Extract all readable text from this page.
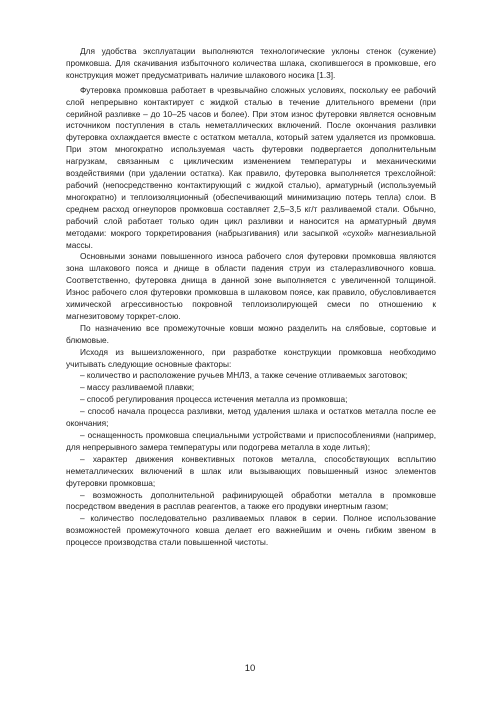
Для удобства эксплуатации выполняются технологические уклоны стенок (сужение) промковша. Для скачивания избыточного количества шлака, скопившегося в промковше, его конструкция может предусматривать наличие шлакового носика [1.3].

Футеровка промковша работает в чрезвычайно сложных условиях, поскольку ее рабочий слой непрерывно контактирует с жидкой сталью в течение длительного времени (при серийной разливке – до 10–25 часов и более). При этом износ футеровки является основным источником поступления в сталь неметаллических включений. После окончания разливки футеровка охлаждается вместе с остатком металла, который затем удаляется из промковша. При этом многократно используемая часть футеровки подвергается дополнительным нагрузкам, связанным с циклическим изменением температуры и механическими воздействиями (при удалении остатка). Как правило, футеровка выполняется трехслойной: рабочий (непосредственно контактирующий с жидкой сталью), арматурный (используемый многократно) и теплоизоляционный (обеспечивающий минимизацию потерь тепла) слои. В среднем расход огнеупоров промковша составляет 2,5–3,5 кг/т разливаемой стали. Обычно, рабочий слой работает только один цикл разливки и наносится на арматурный двумя методами: мокрого торкретирования (набрызгивания) или засыпкой «сухой» магнезиальной массы.

Основными зонами повышенного износа рабочего слоя футеровки промковша являются зона шлакового пояса и днище в области падения струи из сталеразливочного ковша. Соответственно, футеровка днища в данной зоне выполняется с увеличенной толщиной. Износ рабочего слоя футеровки промковша в шлаковом поясе, как правило, обусловливается химической агрессивностью покровной теплоизолирующей смеси по отношению к магнезитовому торкрет-слою.

По назначению все промежуточные ковши можно разделить на слябовые, сортовые и блюмовые.

Исходя из вышеизложенного, при разработке конструкции промковша необходимо учитывать следующие основные факторы:

– количество и расположение ручьев МНЛЗ, а также сечение отливаемых заготовок;

– массу разливаемой плавки;

– способ регулирования процесса истечения металла из промковша;

– способ начала процесса разливки, метод удаления шлака и остатков металла после ее окончания;

– оснащенность промковша специальными устройствами и приспособлениями (например, для непрерывного замера температуры или подогрева металла в ходе литья);

– характер движения конвективных потоков металла, способствующих всплытию неметаллических включений в шлак или вызывающих повышенный износ элементов футеровки промковша;

– возможность дополнительной рафинирующей обработки металла в промковше посредством введения в расплав реагентов, а также его продувки инертным газом;

– количество последовательно разливаемых плавок в серии. Полное использование возможностей промежуточного ковша делает его важнейшим и очень гибким звеном в процессе производства стали повышенной чистоты.

10
